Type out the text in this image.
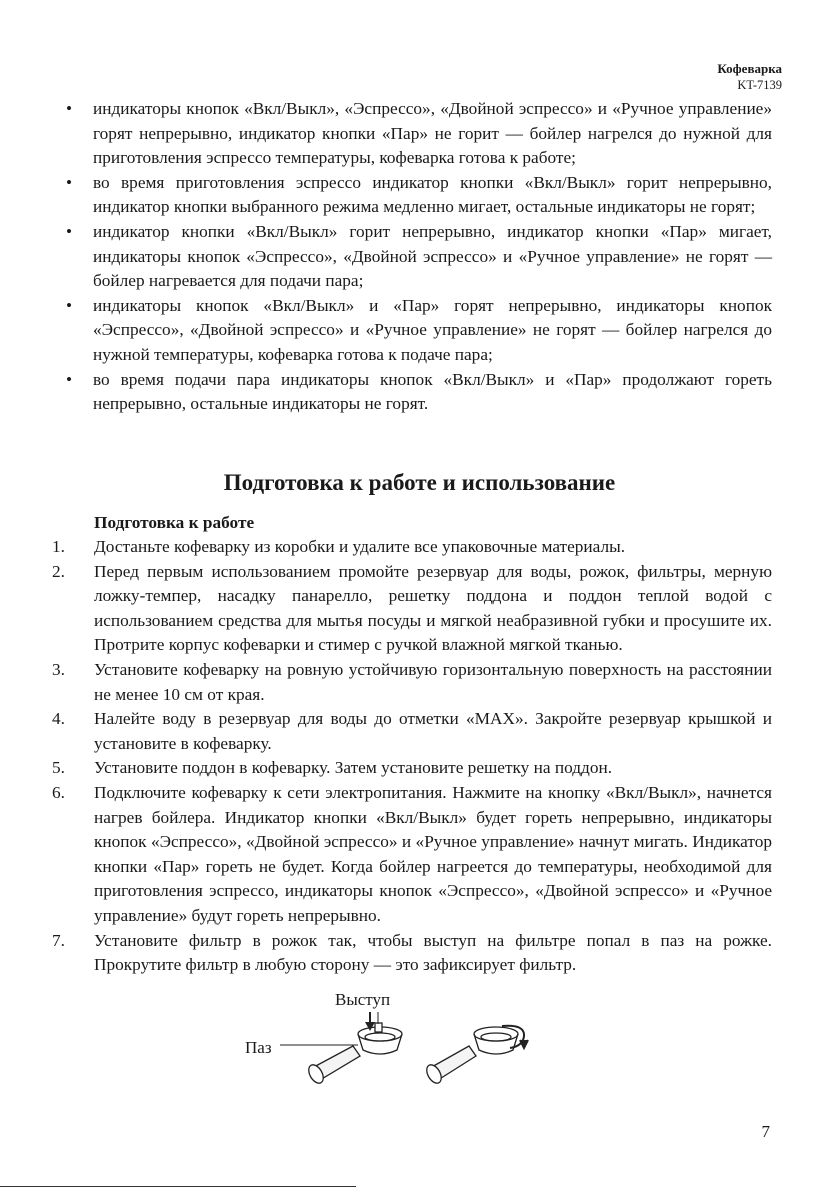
Кофеварка
KT-7139
• индикаторы кнопок «Вкл/Выкл», «Эспрессо», «Двойной эспрессо» и «Ручное управление» горят непрерывно, индикатор кнопки «Пар» не горит — бойлер нагрелся до нужной для приготовления эспрессо температуры, кофеварка готова к работе;
• во время приготовления эспрессо индикатор кнопки «Вкл/Выкл» горит непрерывно, индикатор кнопки выбранного режима медленно мигает, остальные индикаторы не горят;
• индикатор кнопки «Вкл/Выкл» горит непрерывно, индикатор кнопки «Пар» мигает, индикаторы кнопок «Эспрессо», «Двойной эспрессо» и «Ручное управление» не горят — бойлер нагревается для подачи пара;
• индикаторы кнопок «Вкл/Выкл» и «Пар» горят непрерывно, индикаторы кнопок «Эспрессо», «Двойной эспрессо» и «Ручное управление» не горят — бойлер нагрелся до нужной температуры, кофеварка готова к подаче пара;
• во время подачи пара индикаторы кнопок «Вкл/Выкл» и «Пар» продолжают гореть непрерывно, остальные индикаторы не горят.
Подготовка к работе и использование
Подготовка к работе
1. Достаньте кофеварку из коробки и удалите все упаковочные материалы.
2. Перед первым использованием промойте резервуар для воды, рожок, фильтры, мерную ложку-темпер, насадку панарелло, решетку поддона и поддон теплой водой с использованием средства для мытья посуды и мягкой неабразивной губки и просушите их. Протрите корпус кофеварки и стимер с ручкой влажной мягкой тканью.
3. Установите кофеварку на ровную устойчивую горизонтальную поверхность на расстоянии не менее 10 см от края.
4. Налейте воду в резервуар для воды до отметки «MAX». Закройте резервуар крышкой и установите в кофеварку.
5. Установите поддон в кофеварку. Затем установите решетку на поддон.
6. Подключите кофеварку к сети электропитания. Нажмите на кнопку «Вкл/Выкл», начнется нагрев бойлера. Индикатор кнопки «Вкл/Выкл» будет гореть непрерывно, индикаторы кнопок «Эспрессо», «Двойной эспрессо» и «Ручное управление» начнут мигать. Индикатор кнопки «Пар» гореть не будет. Когда бойлер нагреется до температуры, необходимой для приготовления эспрессо, индикаторы кнопок «Эспрессо», «Двойной эспрессо» и «Ручное управление» будут гореть непрерывно.
7. Установите фильтр в рожок так, чтобы выступ на фильтре попал в паз на рожке. Прокрутите фильтр в любую сторону — это зафиксирует фильтр.
Выступ
Паз
7
